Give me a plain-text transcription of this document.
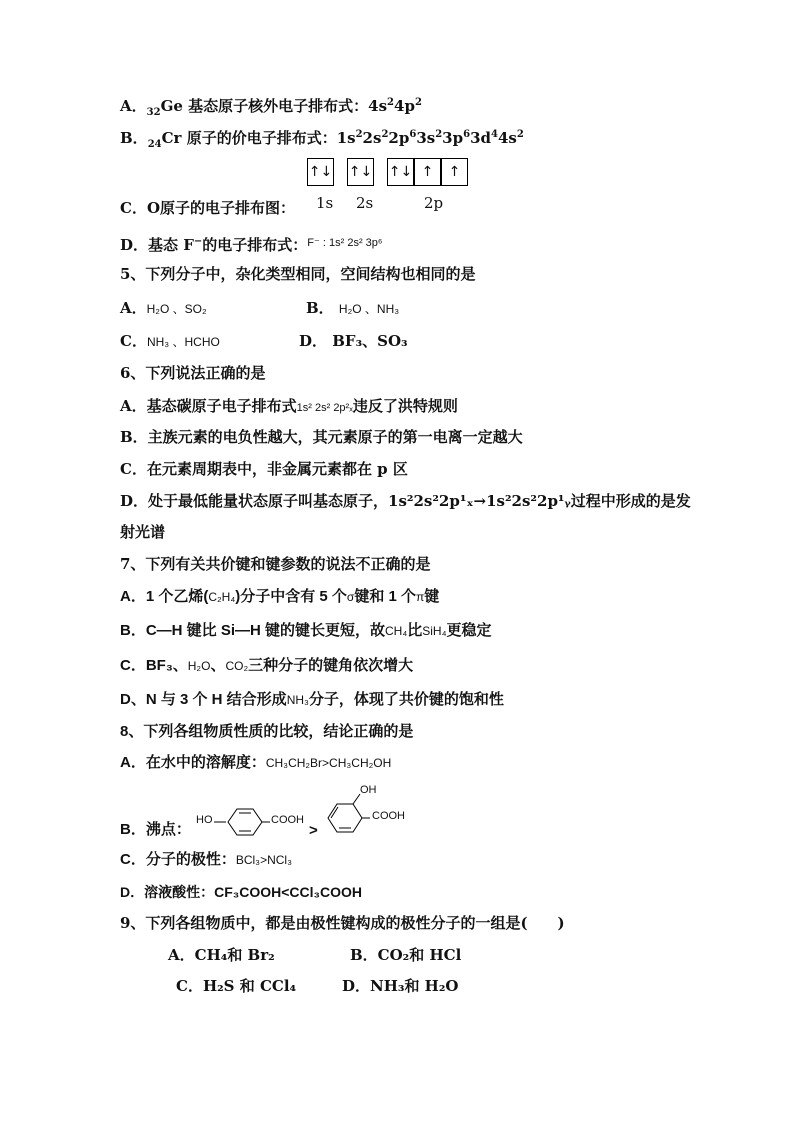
A．$_{32}$Ge 基态原子核外电子排布式：$4s^24p^2$
B．$_{24}$Cr 原子的价电子排布式：$1s^22s^22p^63s^23p^63d^44s^2$
↑↓ ↑↓ ↑↓ ↑	↑
C．O原子的电子排布图： 1s 2s	2p
D．基态 F−的电子排布式：$^{F^- : 1s^2 2s^2 3p^6}$
5、下列分子中，杂化类型相同，空间结构也相同的是
A．H₂O 、SO₂	B． H₂O 、NH₃
C．NH₃ 、HCHO	D． BF₃、SO₃
6、下列说法正确的是
A．基态碳原子电子排布式1s² 2s² 2p²ₓ违反了洪特规则
B．主族元素的电负性越大，其元素原子的第一电离一定越大
C．在元素周期表中，非金属元素都在 p 区
D．处于最低能量状态原子叫基态原子，1s²2s²2p¹ₓ→1s²2s²2p¹ᵧ过程中形成的是发
射光谱
7、下列有关共价键和键参数的说法不正确的是
A．1 个乙烯(C₂H₄)分子中含有 5 个σ键和 1 个π键
B．C—H 键比 Si—H 键的键长更短，故CH₄比SiH₄更稳定
C．BF₃、H₂O、CO₂三种分子的键角依次增大
D、N 与 3 个 H 结合形成NH₃分子，体现了共价键的饱和性
8、下列各组物质性质的比较，结论正确的是
A．在水中的溶解度：CH₃CH₂Br>CH₃CH₂OH
B．沸点：
HO	COOH
>
OH
COOH
C．分子的极性：BCl₃>NCl₃
D．溶液酸性：CF₃COOH<CCl₃COOH
9、下列各组物质中，都是由极性键构成的极性分子的一组是(　　)
A．CH₄和 Br₂	B．CO₂和 HCl
C．H₂S 和 CCl₄	D．NH₃和 H₂O
